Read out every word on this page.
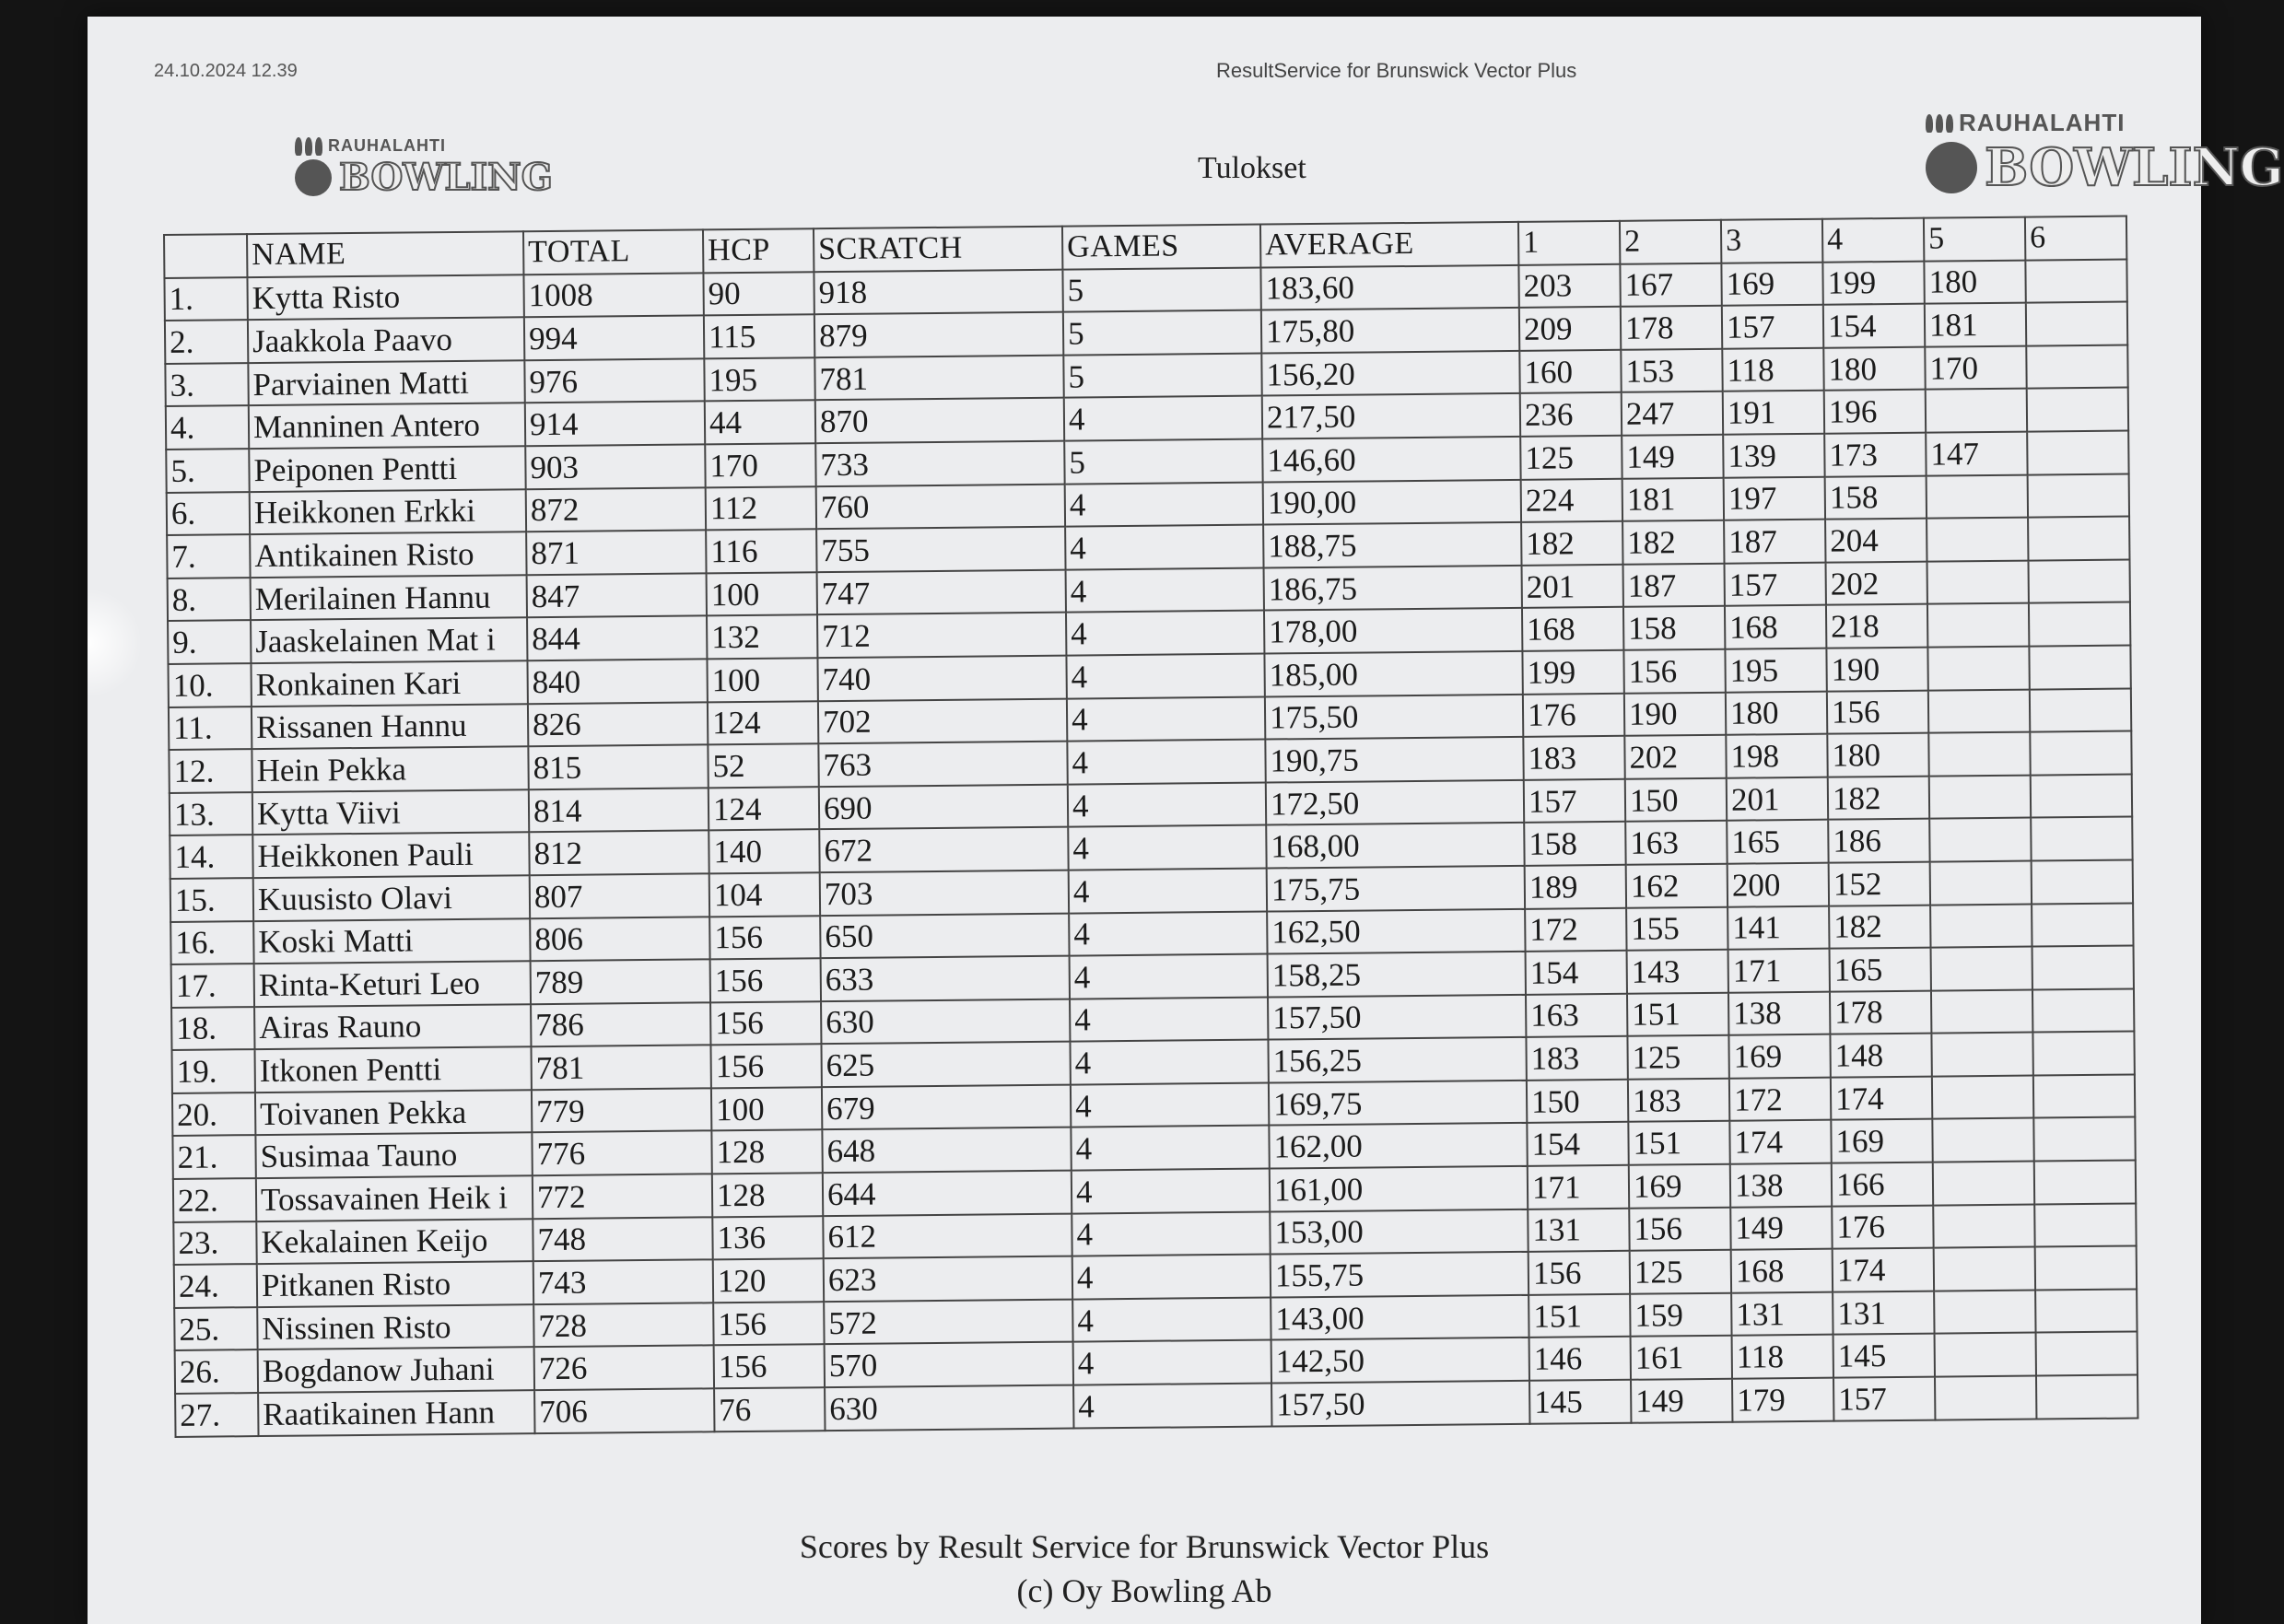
24.10.2024 12.39	ResultService for Brunswick Vector Plus
RAUHALAHTI
BOWLING	Tulokset
RAUHALAHTI
BOWLING
	NAME	TOTAL	HCP	SCRATCH	GAMES	AVERAGE	1	2	3	4	5	6
1.	Kytta Risto	1008	90	918	5	183,60	203	167	169	199	180	
2.	Jaakkola Paavo	994	115	879	5	175,80	209	178	157	154	181	
3.	Parviainen Matti	976	195	781	5	156,20	160	153	118	180	170	
4.	Manninen Antero	914	44	870	4	217,50	236	247	191	196		
5.	Peiponen Pentti	903	170	733	5	146,60	125	149	139	173	147	
6.	Heikkonen Erkki	872	112	760	4	190,00	224	181	197	158		
7.	Antikainen Risto	871	116	755	4	188,75	182	182	187	204		
8.	Merilainen Hannu	847	100	747	4	186,75	201	187	157	202		
9.	Jaaskelainen Mat i	844	132	712	4	178,00	168	158	168	218		
10.	Ronkainen Kari	840	100	740	4	185,00	199	156	195	190		
11.	Rissanen Hannu	826	124	702	4	175,50	176	190	180	156		
12.	Hein Pekka	815	52	763	4	190,75	183	202	198	180		
13.	Kytta Viivi	814	124	690	4	172,50	157	150	201	182		
14.	Heikkonen Pauli	812	140	672	4	168,00	158	163	165	186		
15.	Kuusisto Olavi	807	104	703	4	175,75	189	162	200	152		
16.	Koski Matti	806	156	650	4	162,50	172	155	141	182		
17.	Rinta-Keturi Leo	789	156	633	4	158,25	154	143	171	165		
18.	Airas Rauno	786	156	630	4	157,50	163	151	138	178		
19.	Itkonen Pentti	781	156	625	4	156,25	183	125	169	148		
20.	Toivanen Pekka	779	100	679	4	169,75	150	183	172	174		
21.	Susimaa Tauno	776	128	648	4	162,00	154	151	174	169		
22.	Tossavainen Heik i	772	128	644	4	161,00	171	169	138	166		
23.	Kekalainen Keijo	748	136	612	4	153,00	131	156	149	176		
24.	Pitkanen Risto	743	120	623	4	155,75	156	125	168	174		
25.	Nissinen Risto	728	156	572	4	143,00	151	159	131	131		
26.	Bogdanow Juhani	726	156	570	4	142,50	146	161	118	145		
27.	Raatikainen Hann	706	76	630	4	157,50	145	149	179	157		
Scores by Result Service for Brunswick Vector Plus
(c) Oy Bowling Ab
